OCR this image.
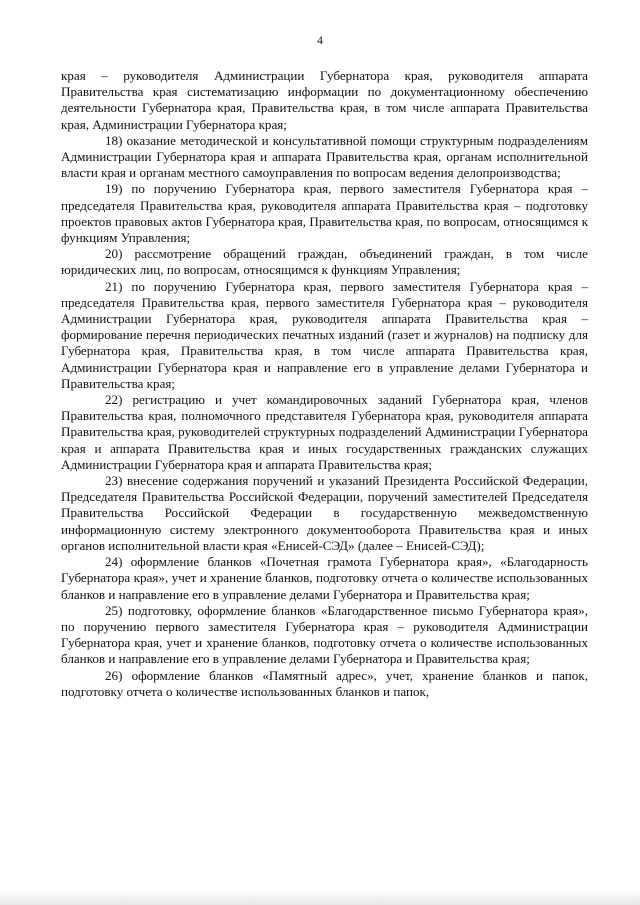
4

края – руководителя Администрации Губернатора края, руководителя аппарата Правительства края систематизацию информации по документационному обеспечению деятельности Губернатора края, Правительства края, в том числе аппарата Правительства края, Администрации Губернатора края;

18) оказание методической и консультативной помощи структурным подразделениям Администрации Губернатора края и аппарата Правительства края, органам исполнительной власти края и органам местного самоуправления по вопросам ведения делопроизводства;

19) по поручению Губернатора края, первого заместителя Губернатора края – председателя Правительства края, руководителя аппарата Правительства края – подготовку проектов правовых актов Губернатора края, Правительства края, по вопросам, относящимся к функциям Управления;

20) рассмотрение обращений граждан, объединений граждан, в том числе юридических лиц, по вопросам, относящимся к функциям Управления;

21) по поручению Губернатора края, первого заместителя Губернатора края – председателя Правительства края, первого заместителя Губернатора края – руководителя Администрации Губернатора края, руководителя аппарата Правительства края – формирование перечня периодических печатных изданий (газет и журналов) на подписку для Губернатора края, Правительства края, в том числе аппарата Правительства края, Администрации Губернатора края и направление его в управление делами Губернатора и Правительства края;

22) регистрацию и учет командировочных заданий Губернатора края, членов Правительства края, полномочного представителя Губернатора края, руководителя аппарата Правительства края, руководителей структурных подразделений Администрации Губернатора края и аппарата Правительства края и иных государственных гражданских служащих Администрации Губернатора края и аппарата Правительства края;

23) внесение содержания поручений и указаний Президента Российской Федерации, Председателя Правительства Российской Федерации, поручений заместителей Председателя Правительства Российской Федерации в государственную межведомственную информационную систему электронного документооборота Правительства края и иных органов исполнительной власти края «Енисей-СЭД» (далее – Енисей-СЭД);

24) оформление бланков «Почетная грамота Губернатора края», «Благодарность Губернатора края», учет и хранение бланков, подготовку отчета о количестве использованных бланков и направление его в управление делами Губернатора и Правительства края;

25) подготовку, оформление бланков «Благодарственное письмо Губернатора края», по поручению первого заместителя Губернатора края – руководителя Администрации Губернатора края, учет и хранение бланков, подготовку отчета о количестве использованных бланков и направление его в управление делами Губернатора и Правительства края;

26) оформление бланков «Памятный адрес», учет, хранение бланков и папок, подготовку отчета о количестве использованных бланков и папок,
